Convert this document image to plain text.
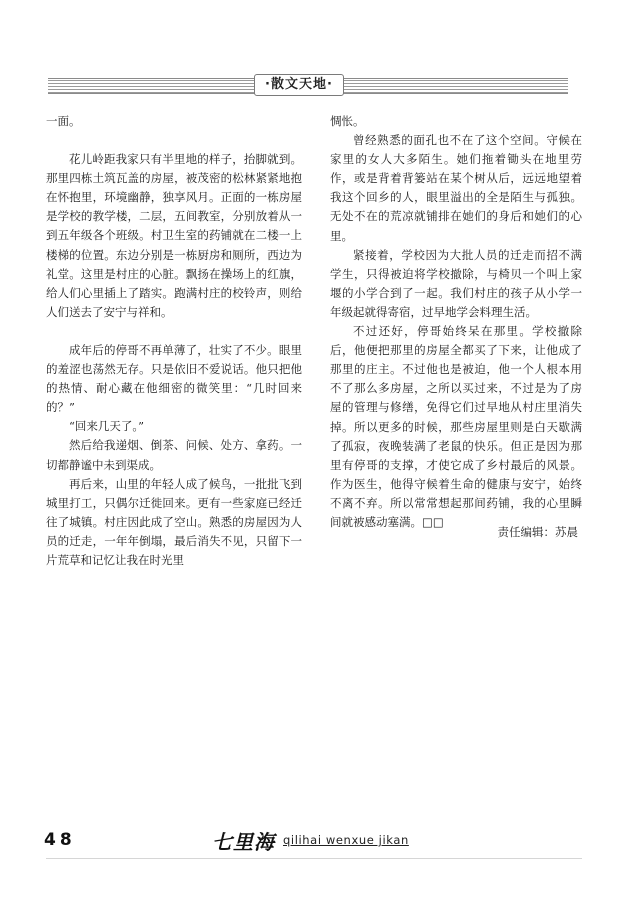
·散文天地·

一面。

花儿岭距我家只有半里地的样子，抬脚就到。那里四栋土筑瓦盖的房屋，被茂密的松林紧紧地抱在怀抱里，环境幽静，独享风月。正面的一栋房屋是学校的教学楼，二层，五间教室，分别放着从一到五年级各个班级。村卫生室的药铺就在二楼一上楼梯的位置。东边分别是一栋厨房和厕所，西边为礼堂。这里是村庄的心脏。飘扬在操场上的红旗，给人们心里插上了踏实。跑满村庄的校铃声，则给人们送去了安宁与祥和。

成年后的停哥不再单薄了，壮实了不少。眼里的羞涩也荡然无存。只是依旧不爱说话。他只把他的热情、耐心藏在他细密的微笑里：“几时回来的？”

“回来几天了。”

然后给我递烟、倒茶、问候、处方、拿药。一切都静谧中未到渠成。

再后来，山里的年轻人成了候鸟，一批批飞到城里打工，只偶尔迁徙回来。更有一些家庭已经迁往了城镇。村庄因此成了空山。熟悉的房屋因为人员的迁走，一年年倒塌，最后消失不见，只留下一片荒草和记忆让我在时光里

惆怅。

曾经熟悉的面孔也不在了这个空间。守候在家里的女人大多陌生。她们拖着锄头在地里劳作，或是背着背篓站在某个树从后，远远地望着我这个回乡的人，眼里溢出的全是陌生与孤独。无处不在的荒凉就铺排在她们的身后和她们的心里。

紧接着，学校因为大批人员的迁走而招不满学生，只得被迫将学校撤除，与椅贝一个叫上家堰的小学合到了一起。我们村庄的孩子从小学一年级起就得寄宿，过早地学会料理生活。

不过还好，停哥始终呆在那里。学校撤除后，他便把那里的房屋全都买了下来，让他成了那里的庄主。不过他也是被迫，他一个人根本用不了那么多房屋，之所以买过来，不过是为了房屋的管理与修缮，免得它们过早地从村庄里消失掉。所以更多的时候，那些房屋里则是白天歇满了孤寂，夜晚装满了老鼠的快乐。但正是因为那里有停哥的支撑，才使它成了乡村最后的风景。作为医生，他得守候着生命的健康与安宁，始终不离不弃。所以常常想起那间药铺，我的心里瞬间就被感动塞满。□□

责任编辑：苏晨
48	七里海 qilihai wenxue jikan
